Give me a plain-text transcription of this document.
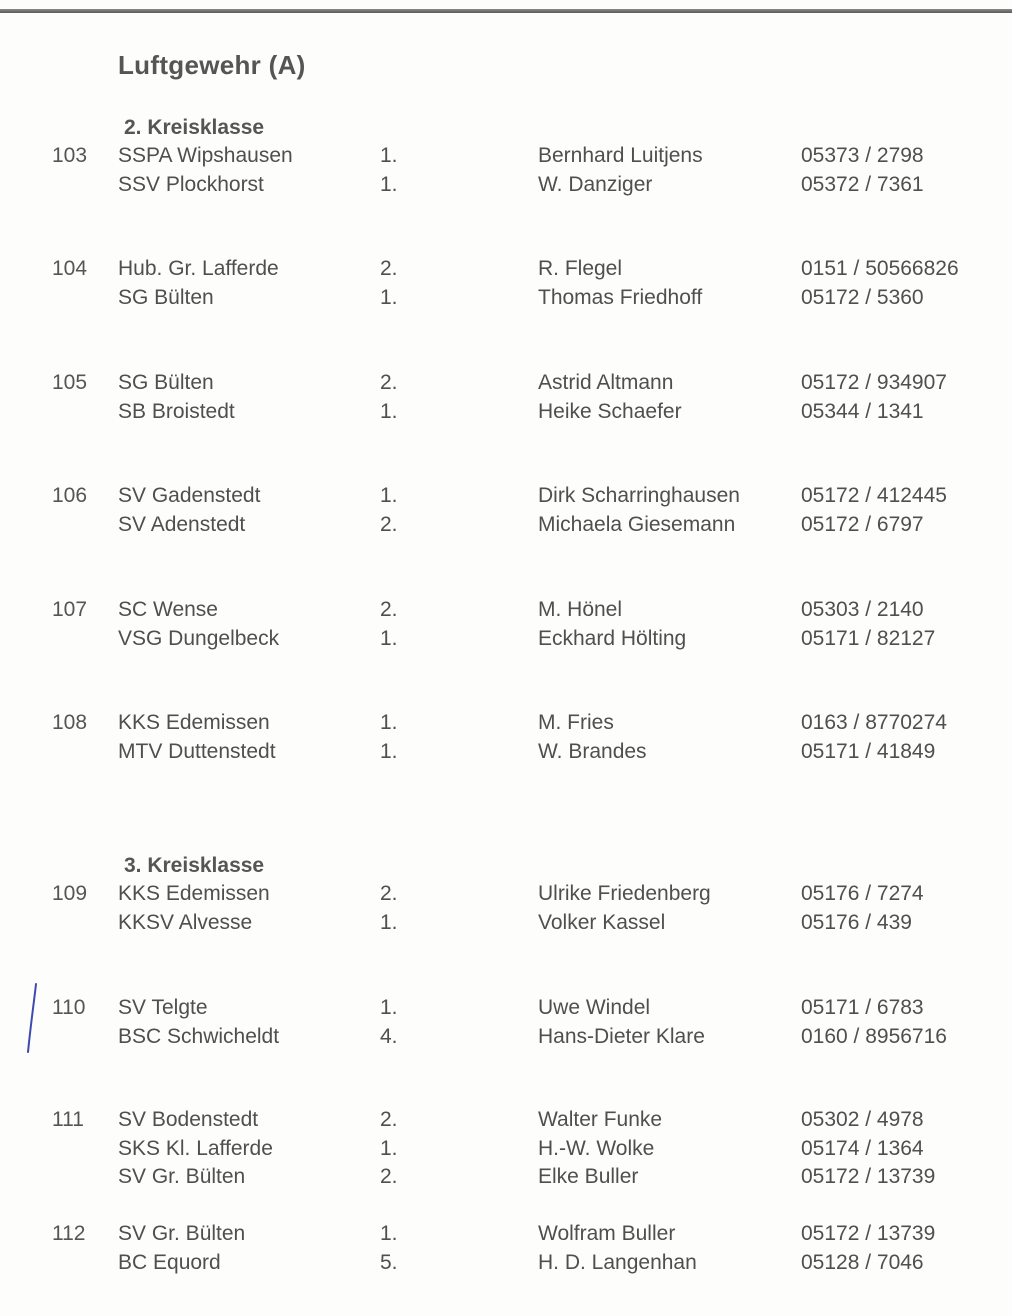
Luftgewehr (A)
2. Kreisklasse
103 SSPA Wipshausen	1.	Bernhard Luitjens	05373 / 2798
SSV Plockhorst	1.	W. Danziger	05372 / 7361
104 Hub. Gr. Lafferde	2.	R. Flegel	0151 / 50566826
SG Bülten	1.	Thomas Friedhoff	05172 / 5360
105 SG Bülten	2.	Astrid Altmann	05172 / 934907
SB Broistedt	1.	Heike Schaefer	05344 / 1341
106 SV Gadenstedt	1.	Dirk Scharringhausen	05172 / 412445
SV Adenstedt	2.	Michaela Giesemann	05172 / 6797
107 SC Wense	2.	M. Hönel	05303 / 2140
VSG Dungelbeck	1.	Eckhard Hölting	05171 / 82127
108 KKS Edemissen	1.	M. Fries	0163 / 8770274
MTV Duttenstedt	1.	W. Brandes	05171 / 41849
3. Kreisklasse
109 KKS Edemissen	2.	Ulrike Friedenberg	05176 / 7274
KKSV Alvesse	1.	Volker Kassel	05176 / 439
110 SV Telgte	1.	Uwe Windel	05171 / 6783
BSC Schwicheldt	4.	Hans-Dieter Klare	0160 / 8956716
111 SV Bodenstedt	2.	Walter Funke	05302 / 4978
SKS Kl. Lafferde	1.	H.-W. Wolke	05174 / 1364
SV Gr. Bülten	2.	Elke Buller	05172 / 13739
112 SV Gr. Bülten	1.	Wolfram Buller	05172 / 13739
BC Equord	5.	H. D. Langenhan	05128 / 7046
